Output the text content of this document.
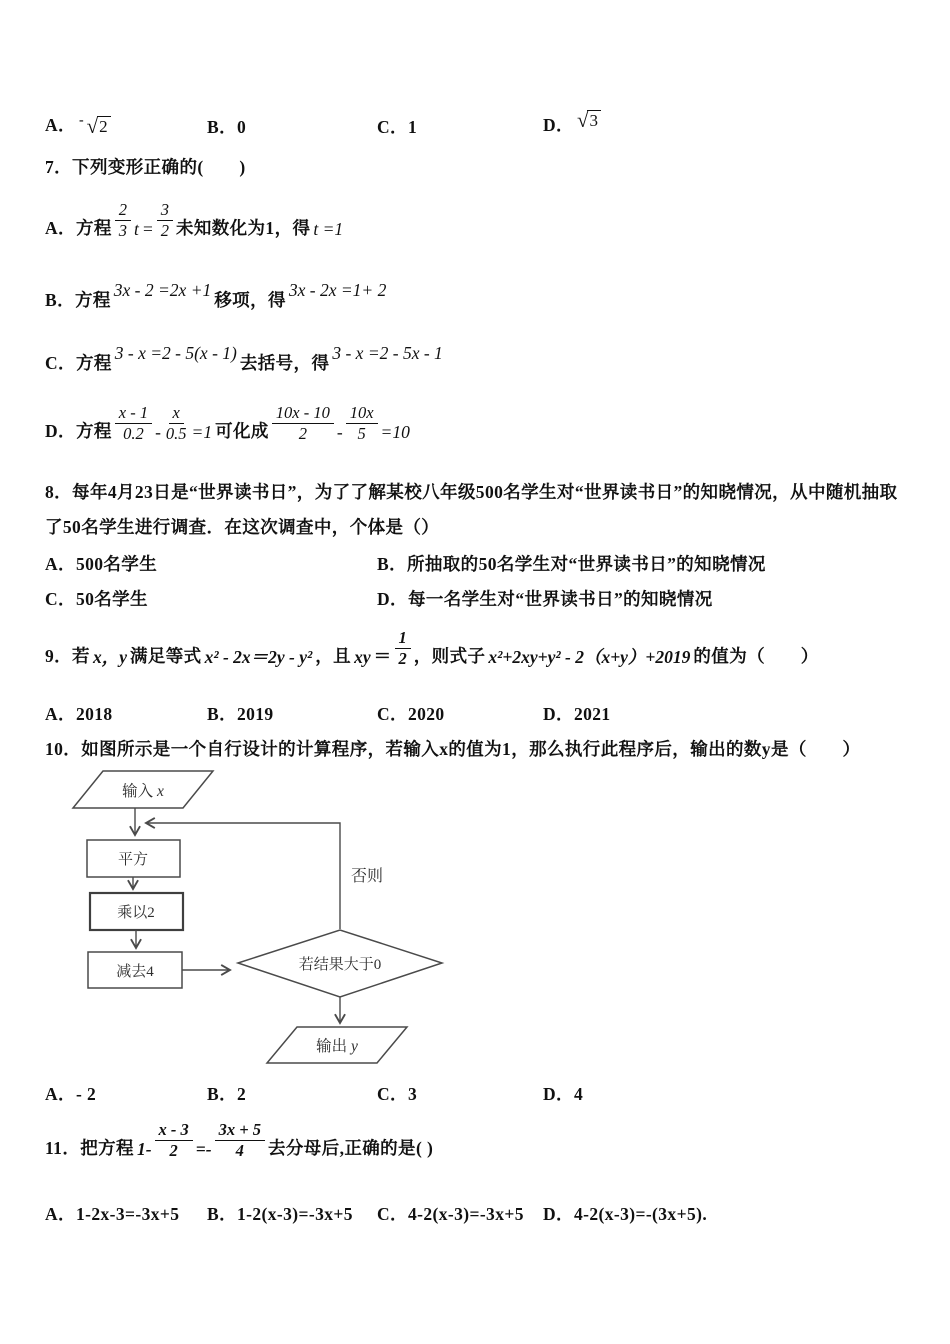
A． - √ 2	B．0	C．1	D． √ 3
7．下列变形正确的(　　)
A．方程 $\frac{2}{3}$ $t = \frac{3}{2}$ 未知数化为1，得 t =1
B．方程
3x - 2 =2x +1
移项，得
3x - 2x =1+ 2
C．方程
3 - x =2 - 5(x - 1)
去括号，得
3 - x =2 - 5x - 1
D．方程 $\frac{x - 1}{0.2} - \frac{x}{0.5} =1$ 可化成 $\frac{10x - 10}{2} - \frac{10x}{5} =10$
8．每年4月23日是“世界读书日”，为了了解某校八年级500名学生对“世界读书日”的知晓情况，从中随机抽取
了50名学生进行调查．在这次调查中，个体是（）
A．500名学生	B．所抽取的50名学生对“世界读书日”的知晓情况
C．50名学生	D．每一名学生对“世界读书日”的知晓情况
9．若 x，y 满足等式 x² - 2x＝2y - y² ，且 xy ＝ $\frac{1}{2}$ ，则式子 x²+2xy+y² - 2（x+y）+2019 的值为（　　）
A．2018	B．2019	C．2020	D．2021
10．如图所示是一个自行设计的计算程序，若输入x的值为1，那么执行此程序后，输出的数y是（　　）
输入 x
否则
平方
乘以2
减去4	若结果大于0
输出 y
A．- 2	B．2	C．3	D．4
11．把方程 $1- \frac{x - 3}{2} =- \frac{3x + 5}{4}$ 去分母后,正确的是( )
A．1-2x-3=-3x+5 B．1-2(x-3)=-3x+5 C．4-2(x-3)=-3x+5 D．4-2(x-3)=-(3x+5).
